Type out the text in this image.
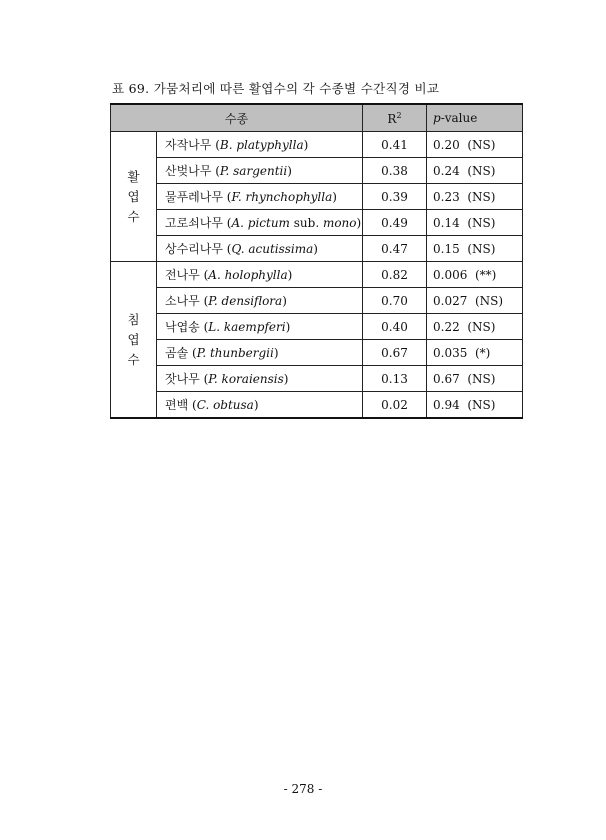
표 69. 가뭄처리에 따른 활엽수의 각 수종별 수간직경 비교
수종		$R^2$	p-value

활
엽
수	자작나무 (B. platyphylla)	0.41	0.20  (NS)
	산벚나무 (P. sargentii)	0.38	0.24  (NS)
	물푸레나무 (F. rhynchophylla)	0.39	0.23  (NS)
	고로쇠나무 (A. pictum sub. mono)	0.49	0.14  (NS)
	상수리나무 (Q. acutissima)	0.47	0.15  (NS)

침
엽
수	전나무 (A. holophylla)	0.82	0.006  (**)
	소나무 (P. densiflora)	0.70	0.027  (NS)
	낙엽송 (L. kaempferi)	0.40	0.22  (NS)
	곰솔 (P. thunbergii)	0.67	0.035  (*)
	잣나무 (P. koraiensis)	0.13	0.67  (NS)
	편백 (C. obtusa)	0.02	0.94  (NS)
- 278 -
